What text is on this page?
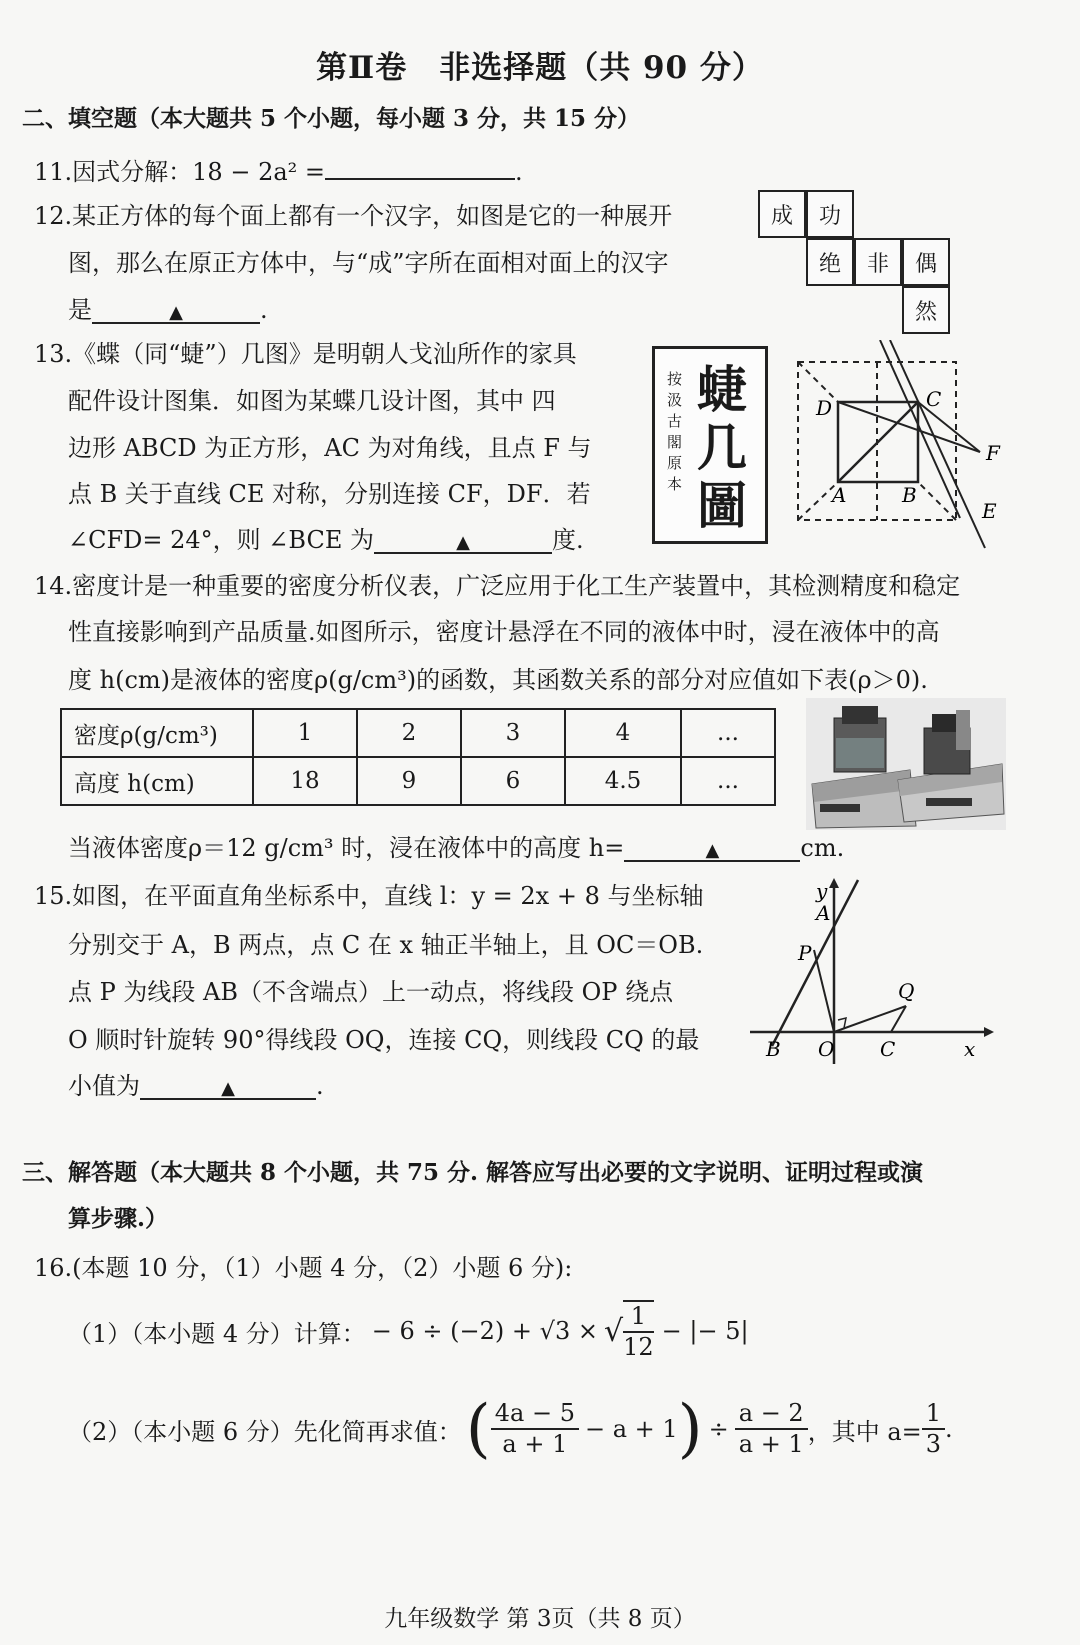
第Ⅱ卷　非选择题（共 90 分）
二、填空题（本大题共 5 个小题，每小题 3 分，共 15 分）
11.因式分解：18 − 2a² =	.
12.某正方体的每个面上都有一个汉字，如图是它的一种展开
图，那么在原正方体中，与“成”字所在面相对面上的汉字
是	▲	.
成	功
绝	非	偶
然
13.《蝶（同“蜨”）几图》是明朝人戈汕所作的家具
配件设计图集．如图为某蝶几设计图，其中 四
边形 ABCD 为正方形，AC 为对角线，且点 F 与
点 B 关于直线 CE 对称，分别连接 CF，DF．若
∠CFD= 24°，则 ∠BCE 为	▲	度.
按汲古閣原本
蜨几圖
D	C
A	B
F
E
14.密度计是一种重要的密度分析仪表，广泛应用于化工生产装置中，其检测精度和稳定
性直接影响到产品质量.如图所示，密度计悬浮在不同的液体中时，浸在液体中的高
度 h(cm)是液体的密度ρ(g/cm³)的函数，其函数关系的部分对应值如下表(ρ＞0).
密度ρ(g/cm³)	1	2	3	4	...
高度 h(cm)	18	9	6	4.5	...
当液体密度ρ＝12 g/cm³ 时，浸在液体中的高度 h=	▲	cm.
15.如图，在平面直角坐标系中，直线 l：y = 2x + 8 与坐标轴
分别交于 A，B 两点，点 C 在 x 轴正半轴上，且 OC＝OB.
点 P 为线段 AB（不含端点）上一动点，将线段 OP 绕点
O 顺时针旋转 90°得线段 OQ，连接 CQ，则线段 CQ 的最
小值为	▲	.
y
A
P
Q
B O C	x
三、解答题（本大题共 8 个小题，共 75 分. 解答应写出必要的文字说明、证明过程或演
算步骤.）
16.(本题 10 分，（1）小题 4 分，（2）小题 6 分):
（1）（本小题 4 分）计算： − 6 ÷ (−2) + √3 × √ $\frac{1}{12}$ − |− 5|
（2）（本小题 6 分）先化简再求值： ( $\frac{4a - 5}{a + 1} - a + 1$ ) ÷ $\frac{a - 2}{a + 1}$ ，其中 $a= \frac{1}{3}$ .
九年级数学 第 3页（共 8 页）
